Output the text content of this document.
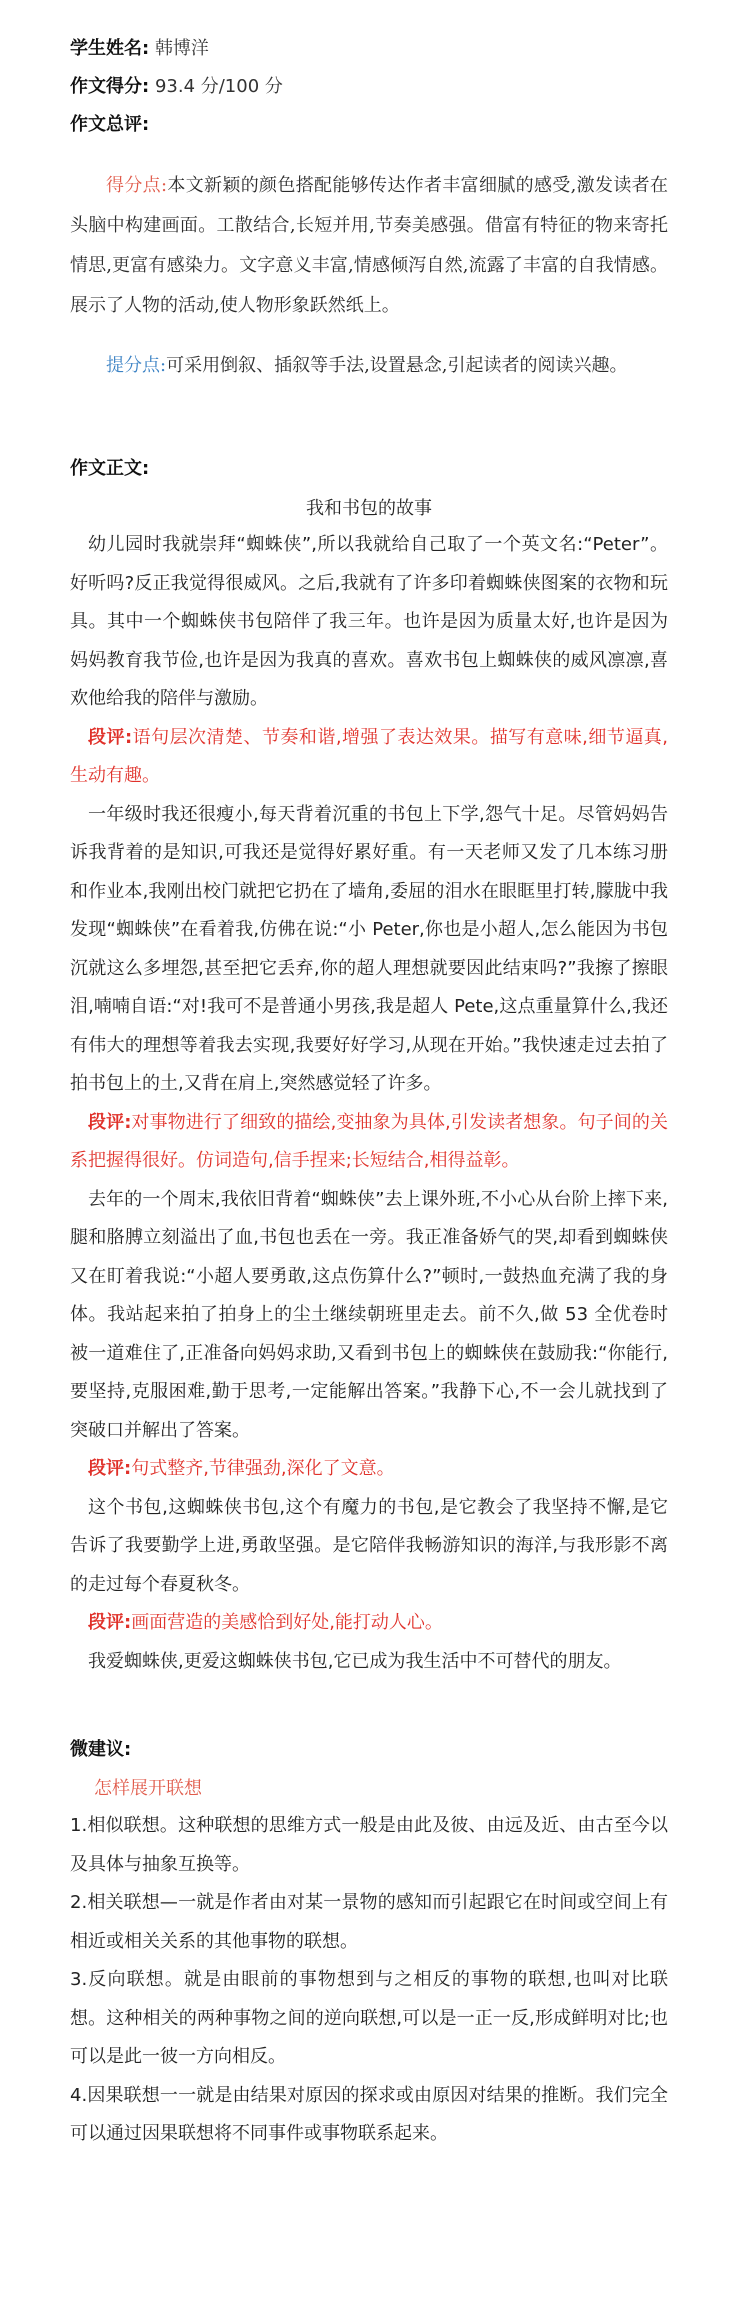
学生姓名: 韩博洋
作文得分: 93.4 分/100 分
作文总评:

得分点:本文新颖的颜色搭配能够传达作者丰富细腻的感受,激发读者在头脑中构建画面。工散结合,长短并用,节奏美感强。借富有特征的物来寄托情思,更富有感染力。文字意义丰富,情感倾泻自然,流露了丰富的自我情感。展示了人物的活动,使人物形象跃然纸上。

提分点:可采用倒叙、插叙等手法,设置悬念,引起读者的阅读兴趣。

作文正文:
我和书包的故事

幼儿园时我就崇拜“蜘蛛侠”,所以我就给自己取了一个英文名:“Peter”。好听吗?反正我觉得很威风。之后,我就有了许多印着蜘蛛侠图案的衣物和玩具。其中一个蜘蛛侠书包陪伴了我三年。也许是因为质量太好,也许是因为妈妈教育我节俭,也许是因为我真的喜欢。喜欢书包上蜘蛛侠的威风凛凛,喜欢他给我的陪伴与激励。

段评:语句层次清楚、节奏和谐,增强了表达效果。描写有意味,细节逼真,生动有趣。

一年级时我还很瘦小,每天背着沉重的书包上下学,怨气十足。尽管妈妈告诉我背着的是知识,可我还是觉得好累好重。有一天老师又发了几本练习册和作业本,我刚出校门就把它扔在了墙角,委屈的泪水在眼眶里打转,朦胧中我发现“蜘蛛侠”在看着我,仿佛在说:“小 Peter,你也是小超人,怎么能因为书包沉就这么多埋怨,甚至把它丢弃,你的超人理想就要因此结束吗?”我擦了擦眼泪,喃喃自语:“对!我可不是普通小男孩,我是超人 Pete,这点重量算什么,我还有伟大的理想等着我去实现,我要好好学习,从现在开始。”我快速走过去拍了拍书包上的土,又背在肩上,突然感觉轻了许多。

段评:对事物进行了细致的描绘,变抽象为具体,引发读者想象。句子间的关系把握得很好。仿词造句,信手捏来;长短结合,相得益彰。

去年的一个周末,我依旧背着“蜘蛛侠”去上课外班,不小心从台阶上摔下来,腿和胳膊立刻溢出了血,书包也丢在一旁。我正准备娇气的哭,却看到蜘蛛侠又在盯着我说:“小超人要勇敢,这点伤算什么?”顿时,一鼓热血充满了我的身体。我站起来拍了拍身上的尘土继续朝班里走去。前不久,做 53 全优卷时被一道难住了,正准备向妈妈求助,又看到书包上的蜘蛛侠在鼓励我:“你能行,要坚持,克服困难,勤于思考,一定能解出答案。”我静下心,不一会儿就找到了突破口并解出了答案。

段评:句式整齐,节律强劲,深化了文意。

这个书包,这蜘蛛侠书包,这个有魔力的书包,是它教会了我坚持不懈,是它告诉了我要勤学上进,勇敢坚强。是它陪伴我畅游知识的海洋,与我形影不离的走过每个春夏秋冬。

段评:画面营造的美感恰到好处,能打动人心。

我爱蜘蛛侠,更爱这蜘蛛侠书包,它已成为我生活中不可替代的朋友。

微建议:
怎样展开联想

1.相似联想。这种联想的思维方式一般是由此及彼、由远及近、由古至今以及具体与抽象互换等。

2.相关联想—一就是作者由对某一景物的感知而引起跟它在时间或空间上有相近或相关关系的其他事物的联想。

3.反向联想。就是由眼前的事物想到与之相反的事物的联想,也叫对比联想。这种相关的两种事物之间的逆向联想,可以是一正一反,形成鲜明对比;也可以是此一彼一方向相反。

4.因果联想一一就是由结果对原因的探求或由原因对结果的推断。我们完全可以通过因果联想将不同事件或事物联系起来。
